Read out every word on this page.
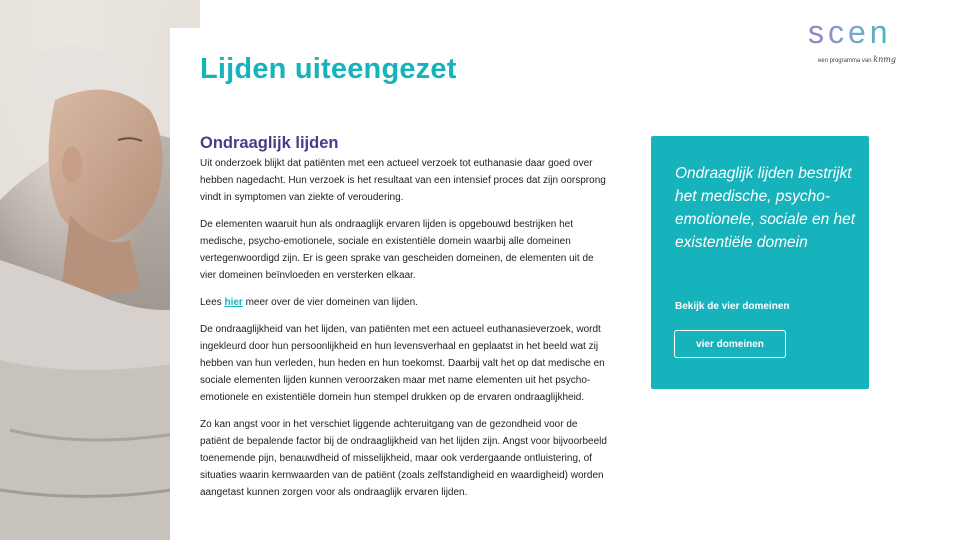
Lijden uiteengezet
scen
een programma van knmg
Ondraaglijk lijden

Uit onderzoek blijkt dat patiënten met een actueel verzoek tot euthanasie daar goed over hebben nagedacht. Hun verzoek is het resultaat van een intensief proces dat zijn oorsprong vindt in symptomen van ziekte of veroudering.

De elementen waaruit hun als ondraaglijk ervaren lijden is opgebouwd bestrijken het medische, psycho-emotionele, sociale en existentiële domein waarbij alle domeinen vertegenwoordigd zijn. Er is geen sprake van gescheiden domeinen, de elementen uit de vier domeinen beïnvloeden en versterken elkaar.

Lees hier meer over de vier domeinen van lijden.

De ondraaglijkheid van het lijden, van patiënten met een actueel euthanasieverzoek, wordt ingekleurd door hun persoonlijkheid en hun levensverhaal en geplaatst in het beeld wat zij hebben van hun verleden, hun heden en hun toekomst. Daarbij valt het op dat medische en sociale elementen lijden kunnen veroorzaken maar met name elementen uit het psycho-emotionele en existentiële domein hun stempel drukken op de ervaren ondraaglijkheid.

Zo kan angst voor in het verschiet liggende achteruitgang van de gezondheid voor de patiënt de bepalende factor bij de ondraaglijkheid van het lijden zijn. Angst voor bijvoorbeeld toenemende pijn, benauwdheid of misselijkheid, maar ook verdergaande ontluistering, of situaties waarin kernwaarden van de patiënt (zoals zelfstandigheid en waardigheid) worden aangetast kunnen zorgen voor als ondraaglijk ervaren lijden.

Ondraaglijk lijden bestrijkt het medische, psycho-emotionele, sociale en het existentiële domein

Bekijk de vier domeinen

vier domeinen
